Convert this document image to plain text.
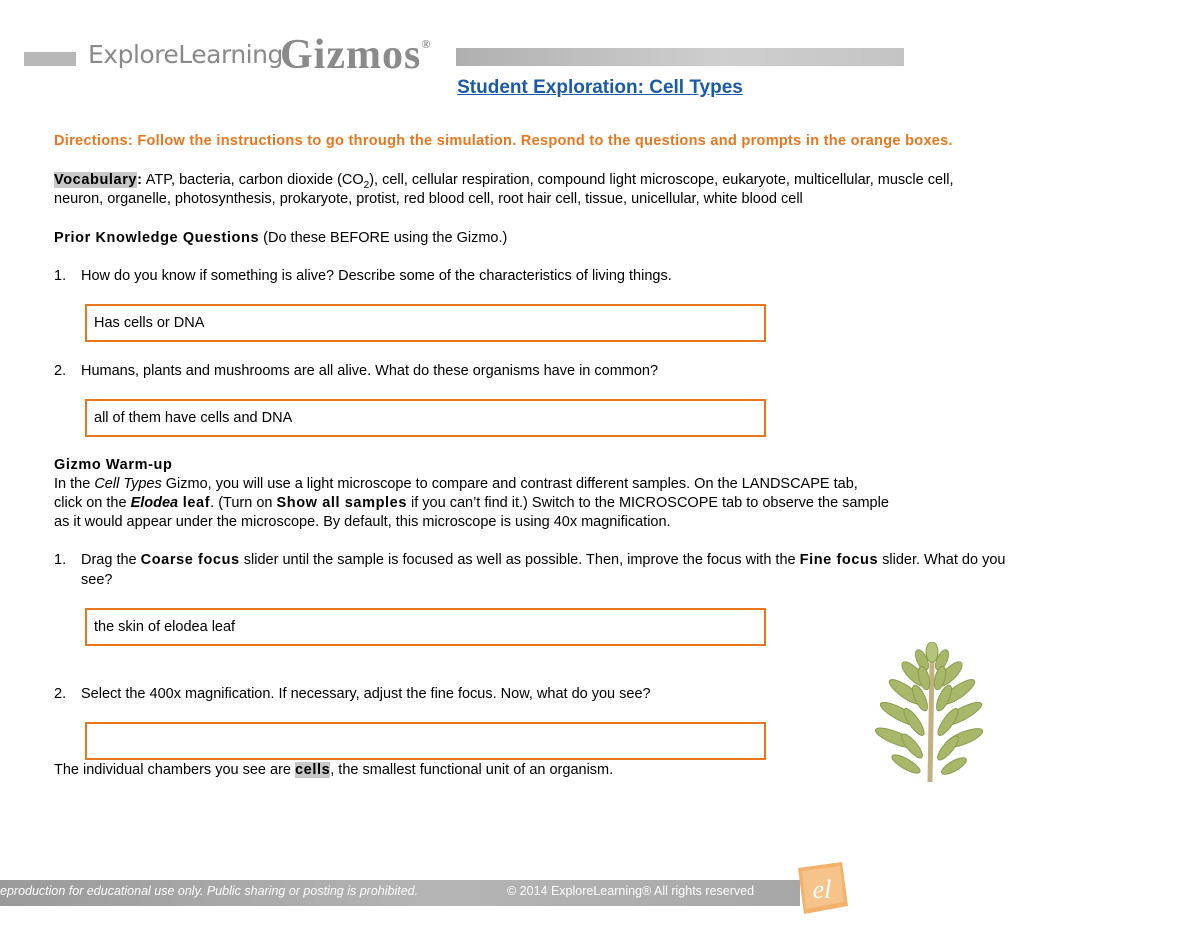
ExploreLearning
Gizmos®
Student Exploration: Cell Types
Directions: Follow the instructions to go through the simulation. Respond to the questions and prompts in the orange boxes.
Vocabulary: ATP, bacteria, carbon dioxide $(CO_2)$, cell, cellular respiration, compound light microscope, eukaryote, multicellular, muscle cell,
neuron, organelle, photosynthesis, prokaryote, protist, red blood cell, root hair cell, tissue, unicellular, white blood cell
Prior Knowledge Questions (Do these BEFORE using the Gizmo.)
1. How do you know if something is alive? Describe some of the characteristics of living things.
Has cells or DNA
2. Humans, plants and mushrooms are all alive. What do these organisms have in common?
all of them have cells and DNA
Gizmo Warm-up
In the Cell Types Gizmo, you will use a light microscope to compare and contrast different samples. On the LANDSCAPE tab,
click on the Elodea leaf. (Turn on Show all samples if you can’t find it.) Switch to the MICROSCOPE tab to observe the sample
as it would appear under the microscope. By default, this microscope is using 40x magnification.
1. Drag the Coarse focus slider until the sample is focused as well as possible. Then, improve the focus with the Fine focus slider. What do you
see?
the skin of elodea leaf
2. Select the 400x magnification. If necessary, adjust the fine focus. Now, what do you see?
The individual chambers you see are cells, the smallest functional unit of an organism.
eproduction for educational use only. Public sharing or posting is prohibited.	© 2014 ExploreLearning® All rights reserved el
